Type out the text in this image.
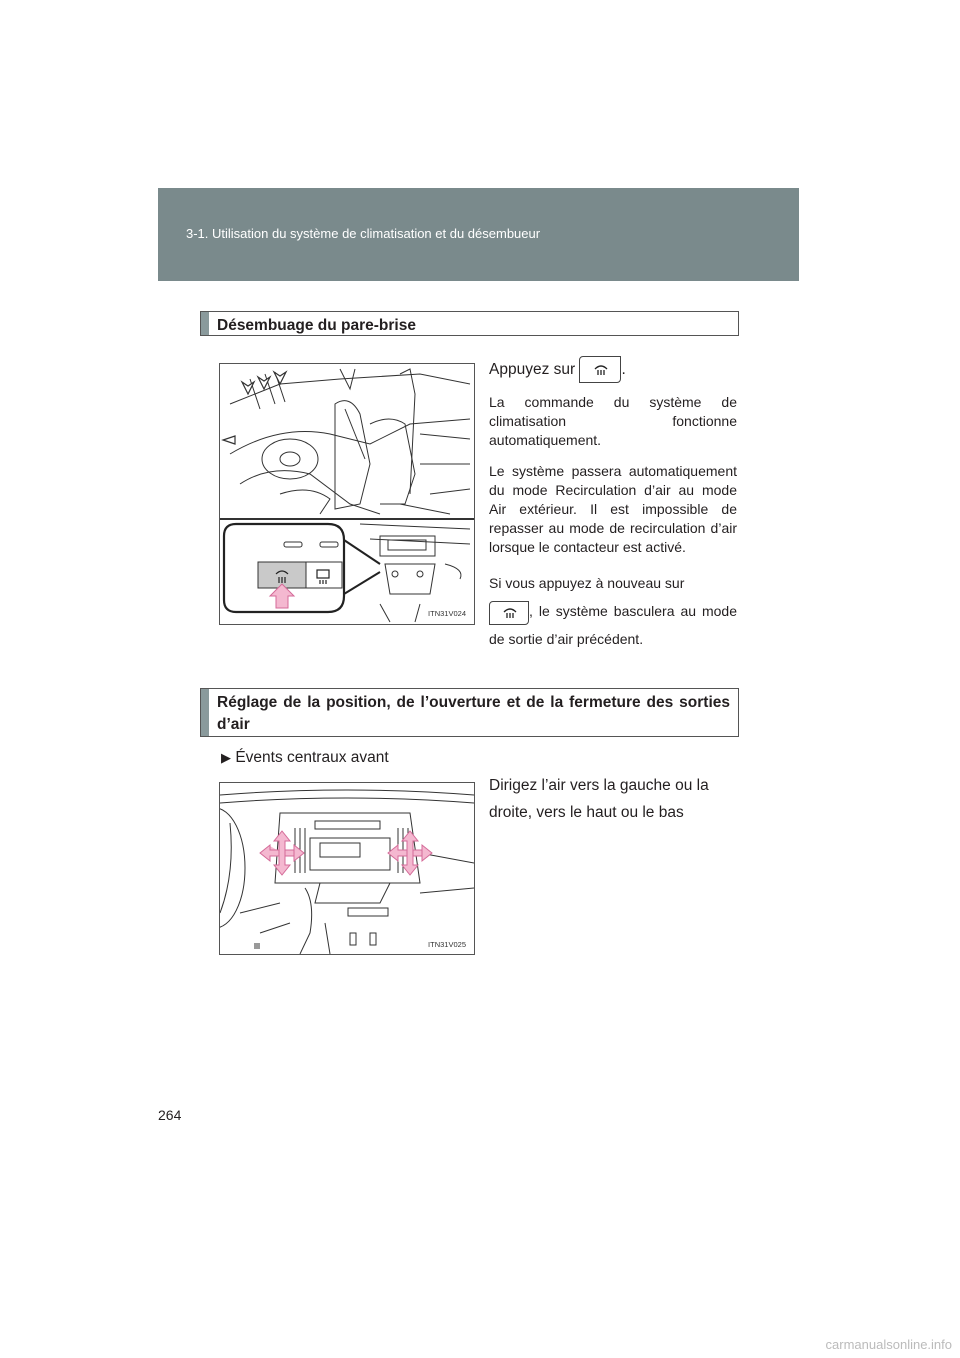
3-1. Utilisation du système de climatisation et du désembueur
Désembuage du pare-brise
ITN31V024

Appuyez sur	.

La commande du système de climatisation fonctionne automatiquement.

Le système passera automatiquement du mode Recirculation d’air au mode Air extérieur. Il est impossible de repasser au mode de recirculation d’air lorsque le contacteur est activé.

Si vous appuyez à nouveau sur

, le système basculera au mode de sortie d’air précédent.

Réglage de la position, de l’ouverture et de la fermeture des sorties d’air
▶ Évents centraux avant

Dirigez l’air vers la gauche ou la droite, vers le haut ou le bas

ITN31V025
264
carmanualsonline.info
